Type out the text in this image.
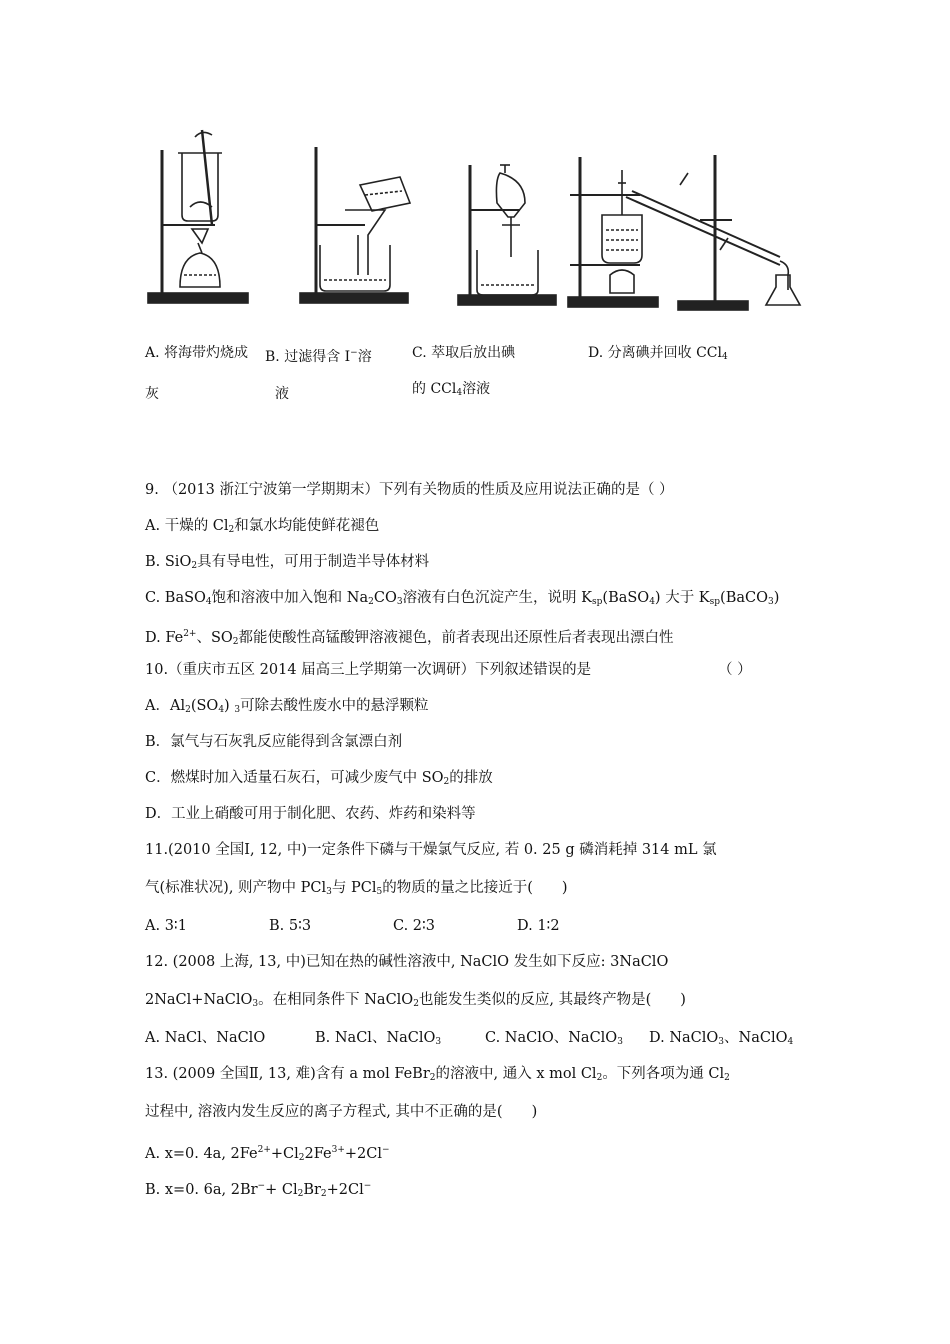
A. 将海带灼烧成
灰
B. 过滤得含 I−溶
液
C. 萃取后放出碘
的 CCl$_4$溶液
D. 分离碘并回收 CCl$_4$
9. （2013 浙江宁波第一学期期末）下列有关物质的性质及应用说法正确的是（ ）
A. 干燥的 $Cl_2$和氯水均能使鲜花褪色
B. SiO$_2$具有导电性，可用于制造半导体材料
C. BaSO$_4$饱和溶液中加入饱和 $Na_2CO_3$溶液有白色沉淀产生，说明 $K_{sp}(BaSO_4)$ 大于 $K_{sp}(BaCO_3)$
D. $Fe^{2+}$、$SO_2$都能使酸性高锰酸钾溶液褪色，前者表现出还原性后者表现出漂白性
10.（重庆市五区 2014 届高三上学期第一次调研）下列叙述错误的是	（ ）
A．$Al_2(SO_4)$ $_3$可除去酸性废水中的悬浮颗粒
B．氯气与石灰乳反应能得到含氯漂白剂
C．燃煤时加入适量石灰石，可减少废气中 $SO_2$的排放
D．工业上硝酸可用于制化肥、农药、炸药和染料等
11.(2010 全国Ⅰ, 12, 中)一定条件下磷与干燥氯气反应, 若 0. 25 g 磷消耗掉 314 mL 氯
气(标准状况), 则产物中 PCl$_3$与 PCl$_5$的物质的量之比接近于(　　)
A. 3∶1	B. 5∶3	C. 2∶3	D. 1∶2
12. (2008 上海, 13, 中)已知在热的碱性溶液中, NaClO 发生如下反应: 3NaClO
2NaCl+NaClO$_3$。在相同条件下 NaClO$_2$也能发生类似的反应, 其最终产物是(　　)
A. NaCl、NaClO	B. NaCl、NaClO$_3$	C. NaClO、NaClO$_3$ D. NaClO$_3$、NaClO$_4$
13. (2009 全国Ⅱ, 13, 难)含有 a mol FeBr$_2$的溶液中, 通入 x mol $Cl_2$。下列各项为通 $Cl_2$
过程中, 溶液内发生反应的离子方程式, 其中不正确的是(　　)
A. x=0. 4a, $2Fe^{2+}+Cl_22Fe^{3+}+2Cl^-$
B. x=0. 6a, $2Br^-+ Cl_2Br_2+2Cl^-$
